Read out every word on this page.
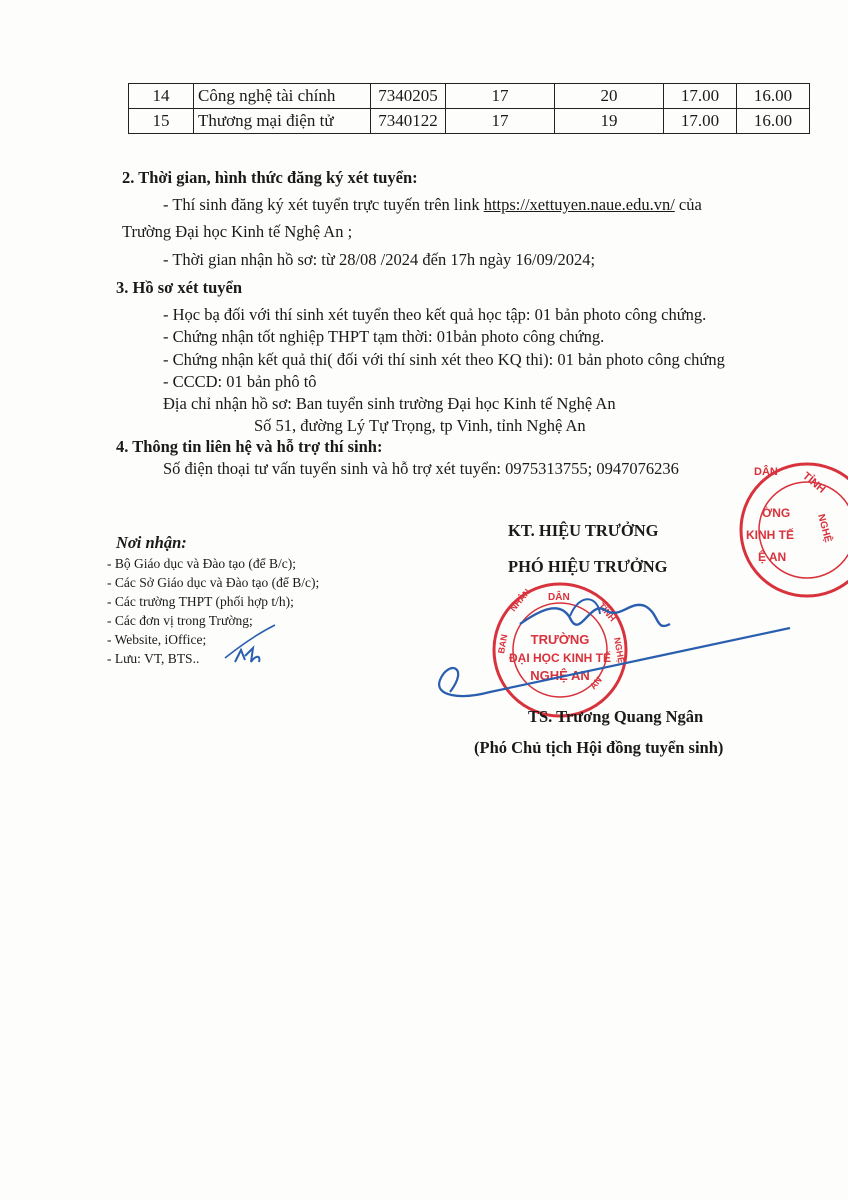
14	Công nghệ tài chính	7340205	17	20	17.00	16.00
15	Thương mại điện tử	7340122	17	19	17.00	16.00
2. Thời gian, hình thức đăng ký xét tuyển:
- Thí sinh đăng ký xét tuyển trực tuyến trên link https://xettuyen.naue.edu.vn/ của
Trường Đại học Kinh tế Nghệ An ;
- Thời gian nhận hồ sơ: từ 28/08 /2024 đến 17h ngày 16/09/2024;
3. Hồ sơ xét tuyển
- Học bạ đối với thí sinh xét tuyển theo kết quả học tập: 01 bản photo công chứng.
- Chứng nhận tốt nghiệp THPT tạm thời: 01bản photo công chứng.
- Chứng nhận kết quả thi( đối với thí sinh xét theo KQ thi): 01 bản photo công chứng
- CCCD: 01 bản phô tô
Địa chỉ nhận hồ sơ: Ban tuyển sinh trường Đại học Kinh tế Nghệ An
Số 51, đường Lý Tự Trọng, tp Vinh, tỉnh Nghệ An
4. Thông tin liên hệ và hỗ trợ thí sinh:
Số điện thoại tư vấn tuyển sinh và hỗ trợ xét tuyển: 0975313755; 0947076236
Nơi nhận:
- Bộ Giáo dục và Đào tạo (để B/c);
- Các Sở Giáo dục và Đào tạo (để B/c);
- Các trường THPT (phối hợp t/h);
- Các đơn vị trong Trường;
- Website, iOffice;
- Lưu: VT, BTS..
KT. HIỆU TRƯỞNG
PHÓ HIỆU TRƯỞNG
DÂN TỈNH
ỜNG
KINH TẾ
Ệ AN
NGHỆ
DÂN
NHÂN	TỈNH
BAN	NGHỆ
TRƯỜNG
ĐẠI HỌC KINH TẾ
NGHỆ AN
AN
TS. Trương Quang Ngân
(Phó Chủ tịch Hội đồng tuyển sinh)
